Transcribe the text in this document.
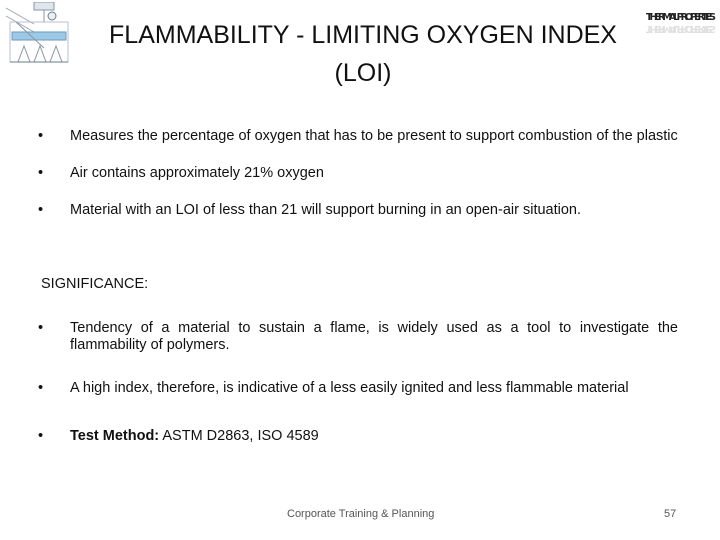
THERMAL PROPERTIES
THERMAL PROPERTIES
FLAMMABILITY - LIMITING OXYGEN INDEX
(LOI)
•	Measures the percentage of oxygen that has to be present to support combustion of the plastic
•	Air contains approximately 21% oxygen
•	Material with an LOI of less than 21 will support burning in an open-air situation.
SIGNIFICANCE:
•	Tendency of a material to sustain a flame, is widely used as a tool to investigate the flammability of polymers.
•	A high index, therefore, is indicative of a less easily ignited and less flammable material
•	Test Method: ASTM D2863, ISO 4589
Corporate Training & Planning	57
